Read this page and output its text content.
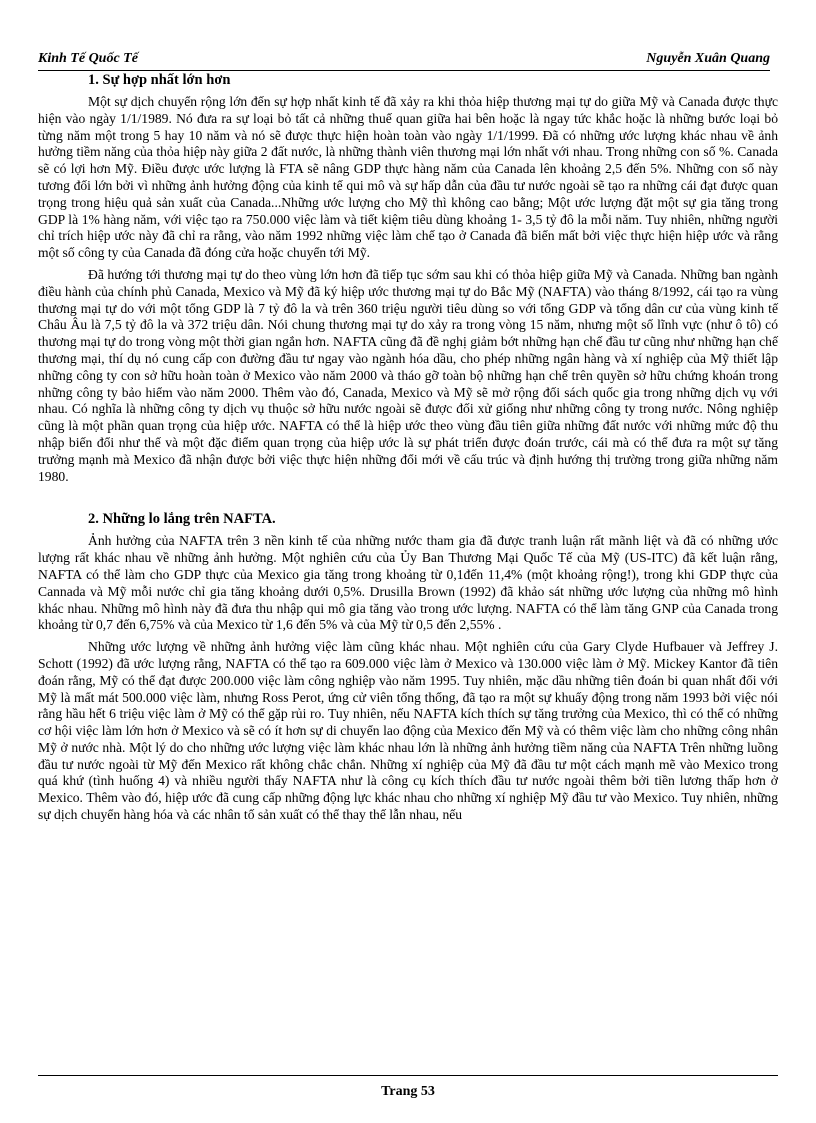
Kinh Tế Quốc Tế	Nguyễn Xuân Quang
1. Sự hợp nhất lớn hơn

Một sự dịch chuyển rộng lớn đến sự hợp nhất kinh tế đã xảy ra khi thỏa hiệp thương mại tự do giữa Mỹ và Canada được thực hiện vào ngày 1/1/1989. Nó đưa ra sự loại bỏ tất cả những thuế quan giữa hai bên hoặc là ngay tức khắc hoặc là những bước loại bỏ từng năm một trong 5 hay 10 năm và nó sẽ được thực hiện hoàn toàn vào ngày 1/1/1999. Đã có những ước lượng khác nhau về ảnh hưởng tiềm năng của thỏa hiệp này giữa 2 đất nước, là những thành viên thương mại lớn nhất với nhau. Trong những con số %. Canada sẽ có lợi hơn Mỹ. Điều được ước lượng là FTA sẽ nâng GDP thực hàng năm của Canada lên khoảng 2,5 đến 5%. Những con số này tương đối lớn bởi vì những ảnh hưởng động của kinh tế qui mô và sự hấp dẫn của đầu tư nước ngoài sẽ tạo ra những cái đạt được quan trọng trong hiệu quả sản xuất của Canada...Những ước lượng cho Mỹ thì không cao bằng; Một ước lượng đặt một sự gia tăng trong GDP là 1% hàng năm, với việc tạo ra 750.000 việc làm và tiết kiệm tiêu dùng khoảng 1- 3,5 tỷ đô la mỗi năm. Tuy nhiên, những người chỉ trích hiệp ước này đã chỉ ra rằng, vào năm 1992 những việc làm chế tạo ở Canada đã biến mất bởi việc thực hiện hiệp ước và rằng một số công ty của Canada đã đóng cửa hoặc chuyển tới Mỹ.

Đã hướng tới thương mại tự do theo vùng lớn hơn đã tiếp tục sớm sau khi có thỏa hiệp giữa Mỹ và Canada. Những ban ngành điều hành của chính phủ Canada, Mexico và Mỹ đã ký hiệp ước thương mại tự do Bắc Mỹ (NAFTA) vào tháng 8/1992, cái tạo ra vùng thương mại tự do với một tổng GDP là 7 tỷ đô la và trên 360 triệu người tiêu dùng so với tổng GDP và tổng dân cư của vùng kinh tế Châu Âu là 7,5 tỷ đô la và 372 triệu dân. Nói chung thương mại tự do xảy ra trong vòng 15 năm, nhưng một số lĩnh vực (như ô tô) có thương mại tự do trong vòng một thời gian ngắn hơn. NAFTA cũng đã đề nghị giảm bớt những hạn chế đầu tư cũng như những hạn chế thương mại, thí dụ nó cung cấp con đường đầu tư ngay vào ngành hóa dầu, cho phép những ngân hàng và xí nghiệp của Mỹ thiết lập những công ty con sở hữu hoàn toàn ở Mexico vào năm 2000 và tháo gỡ toàn bộ những hạn chế trên quyền sở hữu chứng khoán trong những công ty bảo hiểm vào năm 2000. Thêm vào đó, Canada, Mexico và Mỹ sẽ mở rộng đối sách quốc gia trong những dịch vụ với nhau. Có nghĩa là những công ty dịch vụ thuộc sở hữu nước ngoài sẽ được đối xử giống như những công ty trong nước. Nông nghiệp cũng là một phần quan trọng của hiệp ước. NAFTA có thể là hiệp ước theo vùng đầu tiên giữa những đất nước với những mức độ thu nhập biến đổi như thế và một đặc điểm quan trọng của hiệp ước là sự phát triển được đoán trước, cái mà có thể đưa ra một sự tăng trưởng mạnh mà Mexico đã nhận được bởi việc thực hiện những đổi mới về cấu trúc và định hướng thị trường trong giữa những năm 1980.

2. Những lo lắng trên NAFTA.

Ảnh hưởng của NAFTA trên 3 nền kinh tế của những nước tham gia đã được tranh luận rất mãnh liệt và đã có những ước lượng rất khác nhau về những ảnh hưởng. Một nghiên cứu của Ủy Ban Thương Mại Quốc Tế của Mỹ (US-ITC) đã kết luận rằng, NAFTA có thể làm cho GDP thực của Mexico gia tăng trong khoảng từ 0,1đến 11,4% (một khoảng rộng!), trong khi GDP thực của Cannada và Mỹ mỗi nước chỉ gia tăng khoảng dưới 0,5%. Drusilla Brown (1992) đã khảo sát những ước lượng của những mô hình khác nhau. Những mô hình này đã đưa thu nhập qui mô gia tăng vào trong ước lượng. NAFTA có thể làm tăng GNP của Canada trong khoảng từ 0,7 đến 6,75% và của Mexico từ 1,6 đến 5% và của Mỹ từ 0,5 đến 2,55% .

Những ước lượng về những ảnh hưởng việc làm cũng khác nhau. Một nghiên cứu của Gary Clyde Hufbauer và Jeffrey J. Schott (1992) đã ước lượng rằng, NAFTA có thể tạo ra 609.000 việc làm ở Mexico và 130.000 việc làm ở Mỹ. Mickey Kantor đã tiên đoán rằng, Mỹ có thể đạt được 200.000 việc làm công nghiệp vào năm 1995. Tuy nhiên, mặc dầu những tiên đoán bi quan nhất đối với Mỹ là mất mát 500.000 việc làm, nhưng Ross Perot, ứng cử viên tổng thống, đã tạo ra một sự khuấy động trong năm 1993 bởi việc nói rằng hầu hết 6 triệu việc làm ở Mỹ có thể gặp rủi ro. Tuy nhiên, nếu NAFTA kích thích sự tăng trưởng của Mexico, thì có thể có những cơ hội việc làm lớn hơn ở Mexico và sẽ có ít hơn sự di chuyển lao động của Mexico đến Mỹ và có thêm việc làm cho những công nhân Mỹ ở nước nhà. Một lý do cho những ước lượng việc làm khác nhau lớn là những ảnh hưởng tiềm năng của NAFTA Trên những luồng đầu tư nước ngoài từ Mỹ đến Mexico rất không chắc chắn. Những xí nghiệp của Mỹ đã đầu tư một cách mạnh mẽ vào Mexico trong quá khứ (tình huống 4) và nhiều người thấy NAFTA như là công cụ kích thích đầu tư nước ngoài thêm bởi tiền lương thấp hơn ở Mexico. Thêm vào đó, hiệp ước đã cung cấp những động lực khác nhau cho những xí nghiệp Mỹ đầu tư vào Mexico. Tuy nhiên, những sự dịch chuyển hàng hóa và các nhân tố sản xuất có thể thay thế lẫn nhau, nếu

Trang 53
